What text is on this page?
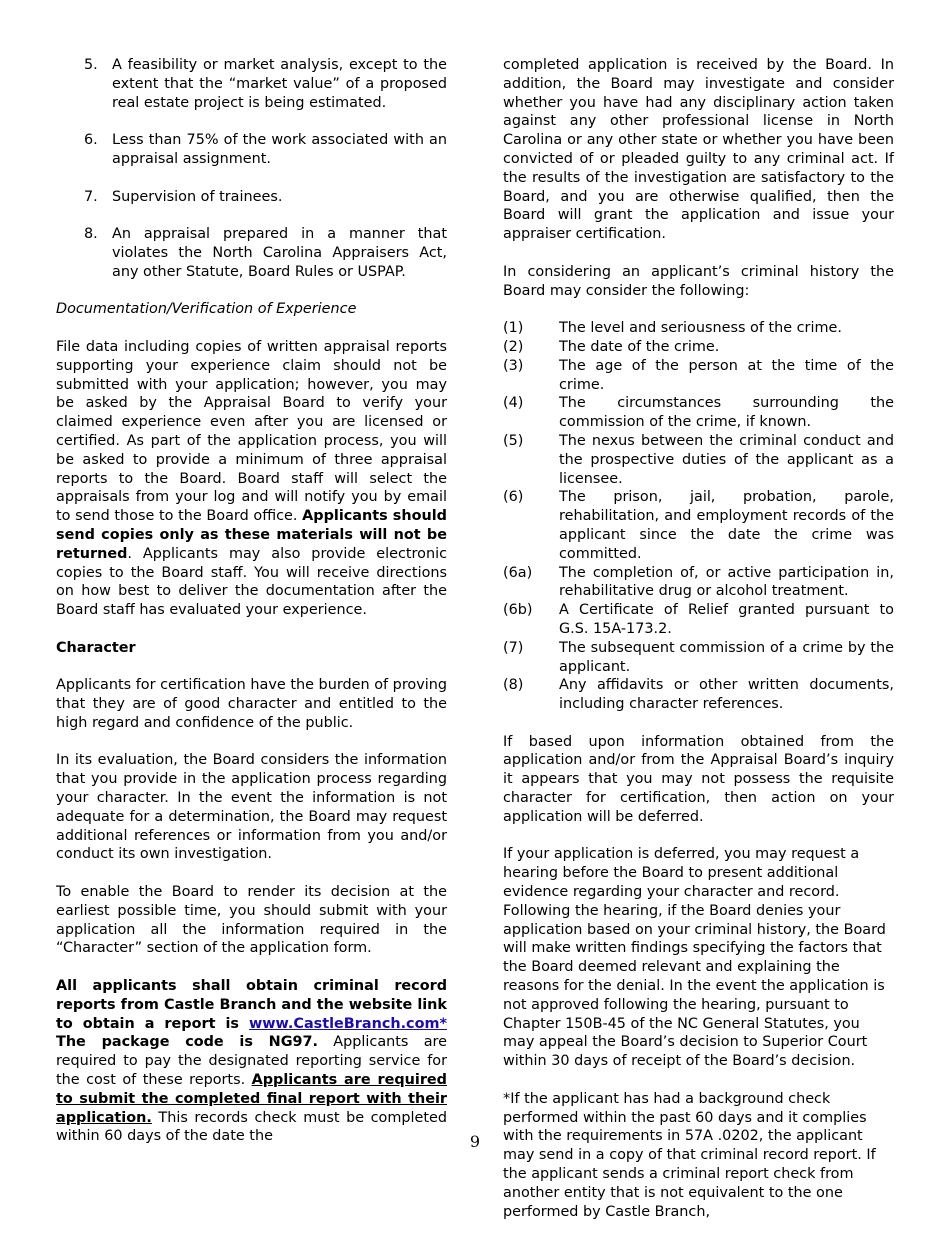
5. A feasibility or market analysis, except to the extent that the “market value” of a proposed real estate project is being estimated.
6. Less than 75% of the work associated with an appraisal assignment.
7. Supervision of trainees.
8. An appraisal prepared in a manner that violates the North Carolina Appraisers Act, any other Statute, Board Rules or USPAP.

Documentation/Verification of Experience

File data including copies of written appraisal reports supporting your experience claim should not be submitted with your application; however, you may be asked by the Appraisal Board to verify your claimed experience even after you are licensed or certified. As part of the application process, you will be asked to provide a minimum of three appraisal reports to the Board. Board staff will select the appraisals from your log and will notify you by email to send those to the Board office. Applicants should send copies only as these materials will not be returned. Applicants may also provide electronic copies to the Board staff. You will receive directions on how best to deliver the documentation after the Board staff has evaluated your experience.

Character

Applicants for certification have the burden of proving that they are of good character and entitled to the high regard and confidence of the public.

In its evaluation, the Board considers the information that you provide in the application process regarding your character. In the event the information is not adequate for a determination, the Board may request additional references or information from you and/or conduct its own investigation.

To enable the Board to render its decision at the earliest possible time, you should submit with your application all the information required in the “Character” section of the application form.

All applicants shall obtain criminal record reports from Castle Branch and the website link to obtain a report is www.CastleBranch.com* The package code is NG97. Applicants are required to pay the designated reporting service for the cost of these reports. Applicants are required to submit the completed final report with their application. This records check must be completed within 60 days of the date the

completed application is received by the Board. In addition, the Board may investigate and consider whether you have had any disciplinary action taken against any other professional license in North Carolina or any other state or whether you have been convicted of or pleaded guilty to any criminal act. If the results of the investigation are satisfactory to the Board, and you are otherwise qualified, then the Board will grant the application and issue your appraiser certification.

In considering an applicant’s criminal history the Board may consider the following:

(1) The level and seriousness of the crime.
(2) The date of the crime.
(3) The age of the person at the time of the crime.
(4) The circumstances surrounding the commission of the crime, if known.
(5) The nexus between the criminal conduct and the prospective duties of the applicant as a licensee.
(6) The prison, jail, probation, parole, rehabilitation, and employment records of the applicant since the date the crime was committed.
(6a) The completion of, or active participation in, rehabilitative drug or alcohol treatment.
(6b) A Certificate of Relief granted pursuant to G.S. 15A-173.2.
(7) The subsequent commission of a crime by the applicant.
(8) Any affidavits or other written documents, including character references.

If based upon information obtained from the application and/or from the Appraisal Board’s inquiry it appears that you may not possess the requisite character for certification, then action on your application will be deferred.

If your application is deferred, you may request a hearing before the Board to present additional evidence regarding your character and record. Following the hearing, if the Board denies your application based on your criminal history, the Board will make written findings specifying the factors that the Board deemed relevant and explaining the reasons for the denial. In the event the application is not approved following the hearing, pursuant to Chapter 150B-45 of the NC General Statutes, you may appeal the Board’s decision to Superior Court within 30 days of receipt of the Board’s decision.

*If the applicant has had a background check performed within the past 60 days and it complies with the requirements in 57A .0202, the applicant may send in a copy of that criminal record report. If the applicant sends a criminal report check from another entity that is not equivalent to the one performed by Castle Branch,

9
